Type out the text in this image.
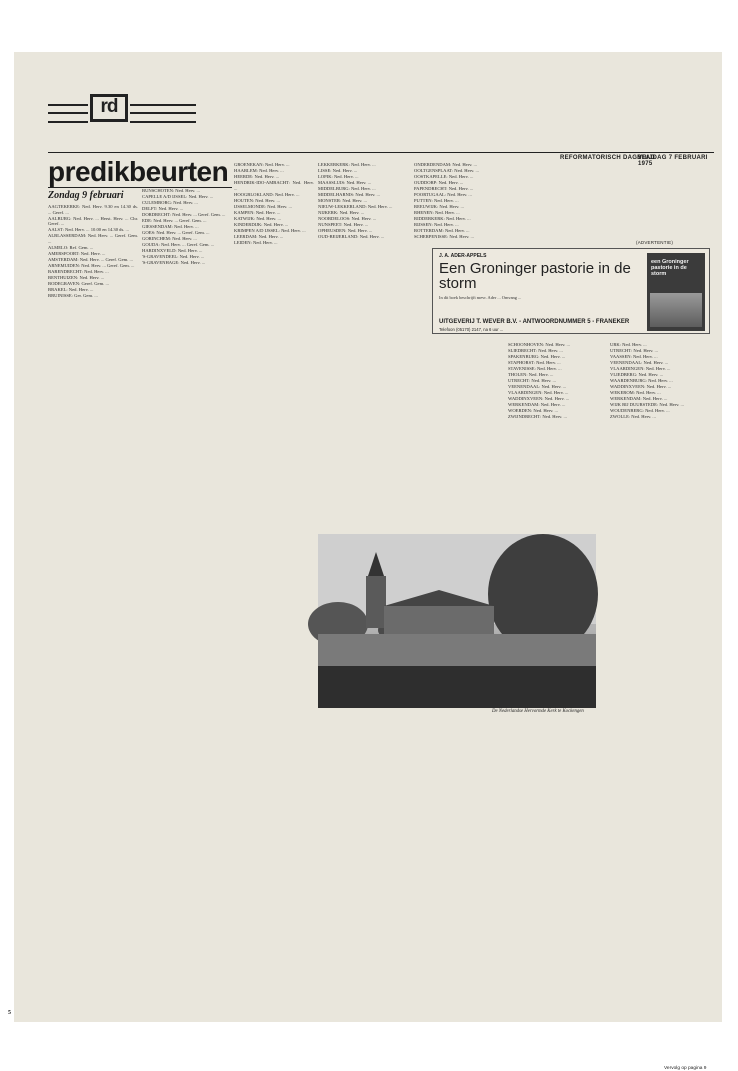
rd
REFORMATORISCH DAGBLAD
VRIJDAG 7 FEBRUARI 1975
predikbeurten
Zondag 9 februari

AAGTEKERKE: Ned. Herv. 9.30 en 14.30 ds. ... Geref. ...

AALBURG: Ned. Herv. ... Herst. Herv. ... Chr. Geref. ...

AALST: Ned. Herv. ... 10.00 en 14.30 ds. ...

ALBLASSERDAM: Ned. Herv. ... Geref. Gem. ...

ALMELO: Ref. Gem. ...

AMERSFOORT: Ned. Herv. ...

AMSTERDAM: Ned. Herv. ... Geref. Gem. ...

ARNEMUIDEN: Ned. Herv. ... Geref. Gem. ...

BARENDRECHT: Ned. Herv. ...

BENTHUIZEN: Ned. Herv. ...

BODEGRAVEN: Geref. Gem. ...

BRAKEL: Ned. Herv. ...

BRUINISSE: Ger. Gem. ...

BUNSCHOTEN: Ned. Herv. ...

CAPELLE A/D IJSSEL: Ned. Herv. ...

CULEMBORG: Ned. Herv. ...

DELFT: Ned. Herv. ...

DORDRECHT: Ned. Herv. ... Geref. Gem. ...

EDE: Ned. Herv. ... Geref. Gem. ...

GIESSENDAM: Ned. Herv. ...

GOES: Ned. Herv. ... Geref. Gem. ...

GORINCHEM: Ned. Herv. ...

GOUDA: Ned. Herv. ... Geref. Gem. ...

HARDINXVELD: Ned. Herv. ...

'S-GRAVENDEEL: Ned. Herv. ...

'S-GRAVENHAGE: Ned. Herv. ...

GROENEKAN: Ned. Herv. ...

HAARLEM: Ned. Herv. ...

HEERDE: Ned. Herv. ...

HENDRIK-IDO-AMBACHT: Ned. Herv. ...

HOOGBLOKLAND: Ned. Herv. ...

HOUTEN: Ned. Herv. ...

IJSSELMONDE: Ned. Herv. ...

KAMPEN: Ned. Herv. ...

KATWIJK: Ned. Herv. ...

KINDERDIJK: Ned. Herv. ...

KRIMPEN A/D IJSSEL: Ned. Herv. ...

LEERDAM: Ned. Herv. ...

LEIDEN: Ned. Herv. ...

LEKKERKERK: Ned. Herv. ...

LISSE: Ned. Herv. ...

LOPIK: Ned. Herv. ...

MAASSLUIS: Ned. Herv. ...

MIDDELBURG: Ned. Herv. ...

MIDDELHARNIS: Ned. Herv. ...

MONSTER: Ned. Herv. ...

NIEUW-LEKKERLAND: Ned. Herv. ...

NIJKERK: Ned. Herv. ...

NOORDELOOS: Ned. Herv. ...

NUNSPEET: Ned. Herv. ...

OPHEUSDEN: Ned. Herv. ...

OUD-BEIJERLAND: Ned. Herv. ...

ONDERDENDAM: Ned. Herv. ...

OOLTGENSPLAAT: Ned. Herv. ...

OOSTKAPELLE: Ned. Herv. ...

OUDDORP: Ned. Herv. ...

PAPENDRECHT: Ned. Herv. ...

POORTUGAAL: Ned. Herv. ...

PUTTEN: Ned. Herv. ...

REEUWIJK: Ned. Herv. ...

RHENEN: Ned. Herv. ...

RIDDERKERK: Ned. Herv. ...

RIJSSEN: Ned. Herv. ...

ROTTERDAM: Ned. Herv. ...

SCHERPENISSE: Ned. Herv. ...

SCHOONHOVEN: Ned. Herv. ...

SLIEDRECHT: Ned. Herv. ...

SPAKENBURG: Ned. Herv. ...

STAPHORST: Ned. Herv. ...

STAVENISSE: Ned. Herv. ...

THOLEN: Ned. Herv. ...

UTRECHT: Ned. Herv. ...

VEENENDAAL: Ned. Herv. ...

VLAARDINGEN: Ned. Herv. ...

WADDINXVEEN: Ned. Herv. ...

WERKENDAM: Ned. Herv. ...

WOERDEN: Ned. Herv. ...

ZWIJNDRECHT: Ned. Herv. ...

URK: Ned. Herv. ...

UTRECHT: Ned. Herv. ...

VAASSEN: Ned. Herv. ...

VEENENDAAL: Ned. Herv. ...

VLAARDINGEN: Ned. Herv. ...

VLIEDBERG: Ned. Herv. ...

WAARDENBURG: Ned. Herv. ...

WADDINXVEEN: Ned. Herv. ...

WEKEROM: Ned. Herv. ...

WERKENDAM: Ned. Herv. ...

WIJK BIJ DUURSTEDE: Ned. Herv. ...

WOUDENBERG: Ned. Herv. ...

ZWOLLE: Ned. Herv. ...

(ADVERTENTIE)
J. A. ADER-APPELS
Een Groninger pastorie in de storm
In dit boek beschrijft mevr. Ader ... Omvang ...
UITGEVERIJ T. WEVER B.V. - ANTWOORDNUMMER 5 - FRANEKER
Telefoon (05170) 2147, na 6 uur ...
een Groninger pastorie in de storm
De Nederlandse Hervormde Kerk te Kockengen
Vervolg op pagina 9
5
